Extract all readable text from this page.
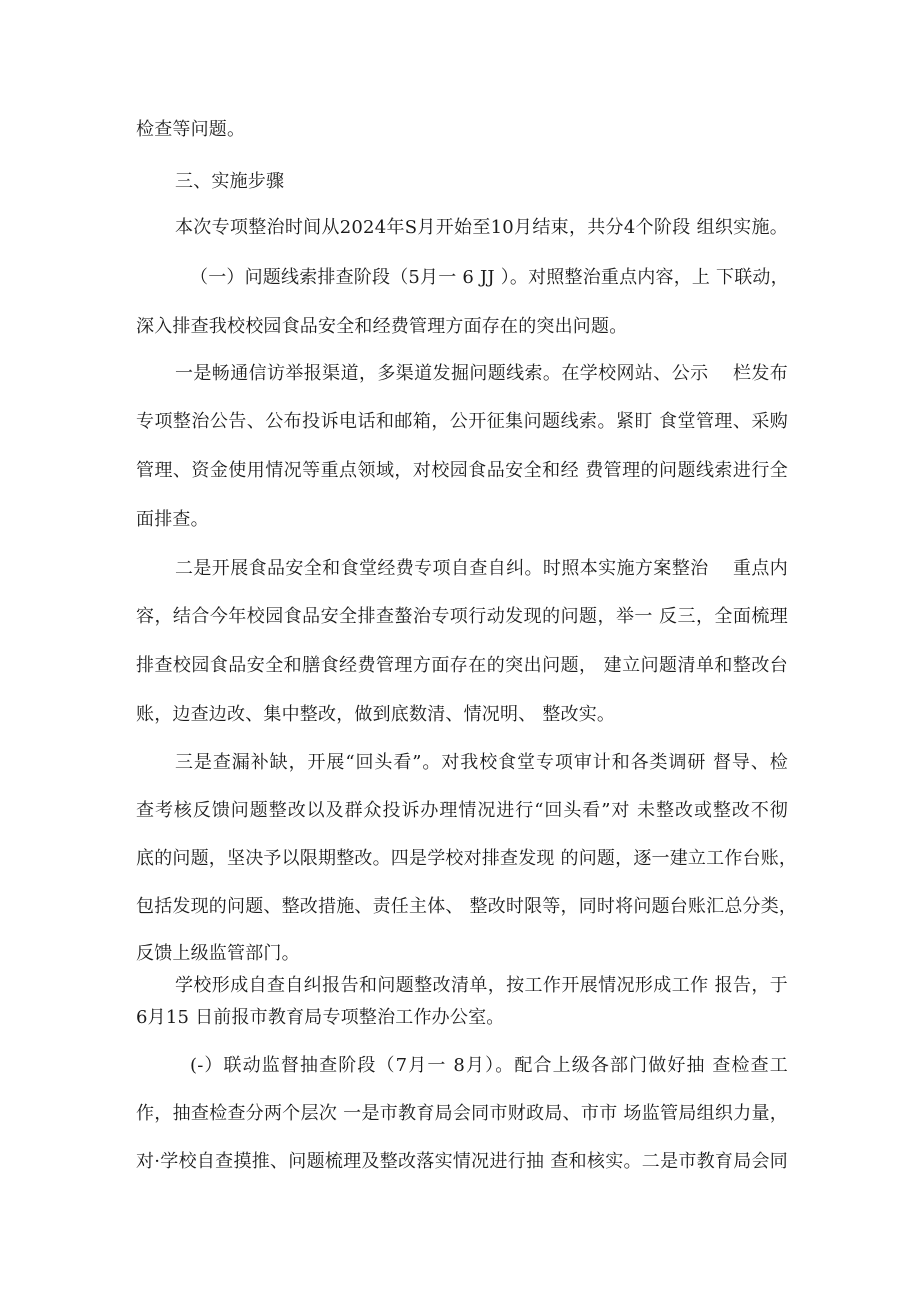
检查等问题。
三、实施步骤
本次专项整治时间从2024年S月开始至10月结束，共分4个阶段 组织实施。
（一）问题线索排查阶段（5月一 6 JJ ）。对照整治重点内容，上 下联动，
深入排查我校校园食品安全和经费管理方面存在的突出问题。
一是畅通信访举报渠道，多渠道发掘问题线索。在学校网站、公示　 栏发布
专项整治公告、公布投诉电话和邮箱，公开征集问题线索。紧盯 食堂管理、采购
管理、资金使用情况等重点领域，对校园食品安全和经 费管理的问题线索进行全
面排查。
二是开展食品安全和食堂经费专项自查自纠。时照本实施方案整治　 重点内
容，结合今年校园食品安全排查螯治专项行动发现的问题，举一 反三，全面梳理
排查校园食品安全和膳食经费管理方面存在的突出问题， 建立问题清单和整改台
账，边查边改、集中整改，做到底数清、情况明、 整改实。
三是查漏补缺，开展“回头看”。对我校食堂专项审计和各类调研 督导、检
查考核反馈问题整改以及群众投诉办理情况进行“回头看”对 未整改或整改不彻
底的问题，坚决予以限期整改。四是学校对排查发现 的问题，逐一建立工作台账，
包括发现的问题、整改措施、责任主体、 整改时限等，同时将问题台账汇总分类，
反馈上级监管部门。
学校形成自查自纠报告和问题整改清单，按工作开展情况形成工作 报告，于
6月15 日前报市教育局专项整治工作办公室。
(-）联动监督抽查阶段（7月一 8月）。配合上级各部门做好抽 查检查工
作，抽查检查分两个层次 一是市教育局会同市财政局、市市 场监管局组织力量，
对·学校自查摸推、问题梳理及整改落实情况进行抽 查和核实。二是市教育局会同
